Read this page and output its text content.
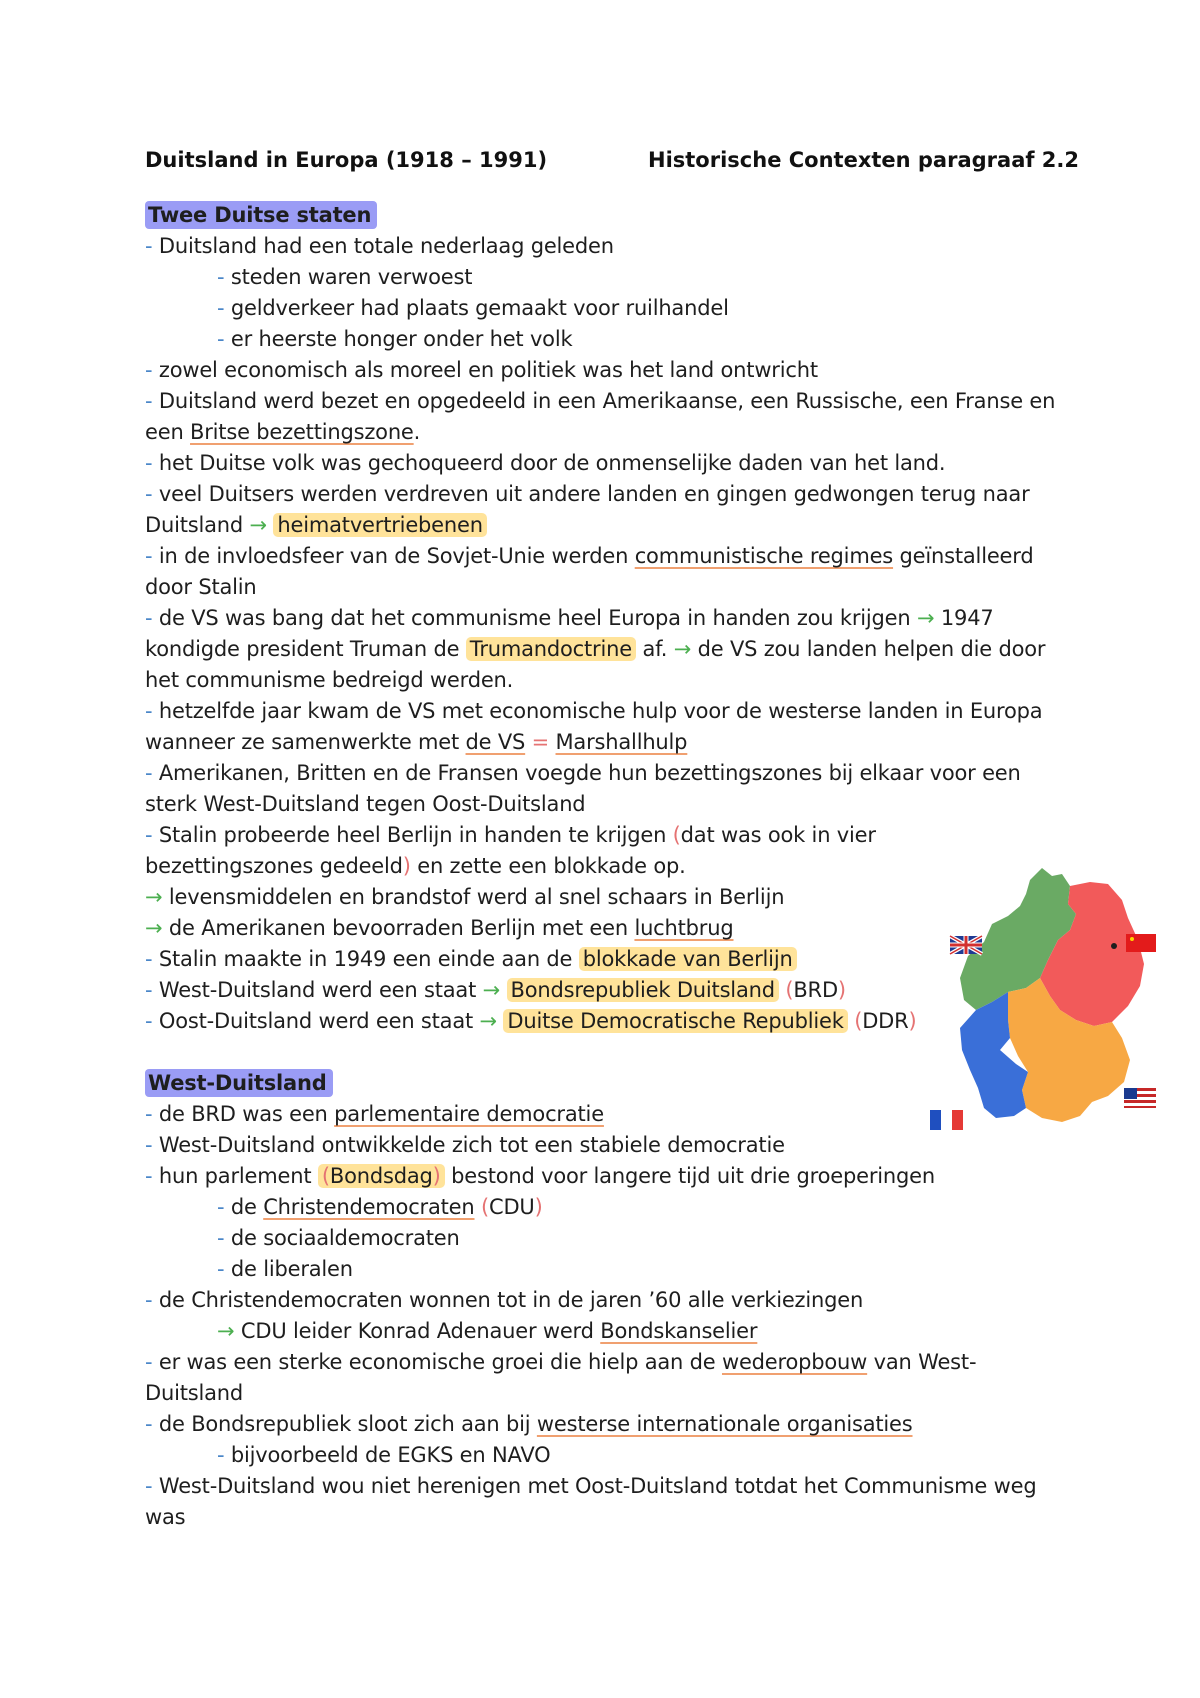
Duitsland in Europa (1918 – 1991)	Historische Contexten paragraaf 2.2
Twee Duitse staten
- Duitsland had een totale nederlaag geleden
- steden waren verwoest
- geldverkeer had plaats gemaakt voor ruilhandel
- er heerste honger onder het volk
- zowel economisch als moreel en politiek was het land ontwricht
- Duitsland werd bezet en opgedeeld in een Amerikaanse, een Russische, een Franse en
een Britse bezettingszone.
- het Duitse volk was gechoqueerd door de onmenselijke daden van het land.
- veel Duitsers werden verdreven uit andere landen en gingen gedwongen terug naar
Duitsland → heimatvertriebenen
- in de invloedsfeer van de Sovjet-Unie werden communistische regimes geïnstalleerd
door Stalin
- de VS was bang dat het communisme heel Europa in handen zou krijgen → 1947
kondigde president Truman de Trumandoctrine af. → de VS zou landen helpen die door
het communisme bedreigd werden.
- hetzelfde jaar kwam de VS met economische hulp voor de westerse landen in Europa
wanneer ze samenwerkte met de VS = Marshallhulp
- Amerikanen, Britten en de Fransen voegde hun bezettingszones bij elkaar voor een
sterk West-Duitsland tegen Oost-Duitsland
- Stalin probeerde heel Berlijn in handen te krijgen (dat was ook in vier
bezettingszones gedeeld) en zette een blokkade op.
→ levensmiddelen en brandstof werd al snel schaars in Berlijn
→ de Amerikanen bevoorraden Berlijn met een luchtbrug
- Stalin maakte in 1949 een einde aan de blokkade van Berlijn
- West-Duitsland werd een staat → Bondsrepubliek Duitsland (BRD)
- Oost-Duitsland werd een staat → Duitse Democratische Republiek (DDR)
West-Duitsland
- de BRD was een parlementaire democratie
- West-Duitsland ontwikkelde zich tot een stabiele democratie
- hun parlement (Bondsdag) bestond voor langere tijd uit drie groeperingen
- de Christendemocraten (CDU)
- de sociaaldemocraten
- de liberalen
- de Christendemocraten wonnen tot in de jaren ’60 alle verkiezingen
→ CDU leider Konrad Adenauer werd Bondskanselier
- er was een sterke economische groei die hielp aan de wederopbouw van West-
Duitsland
- de Bondsrepubliek sloot zich aan bij westerse internationale organisaties
- bijvoorbeeld de EGKS en NAVO
- West-Duitsland wou niet herenigen met Oost-Duitsland totdat het Communisme weg
was
